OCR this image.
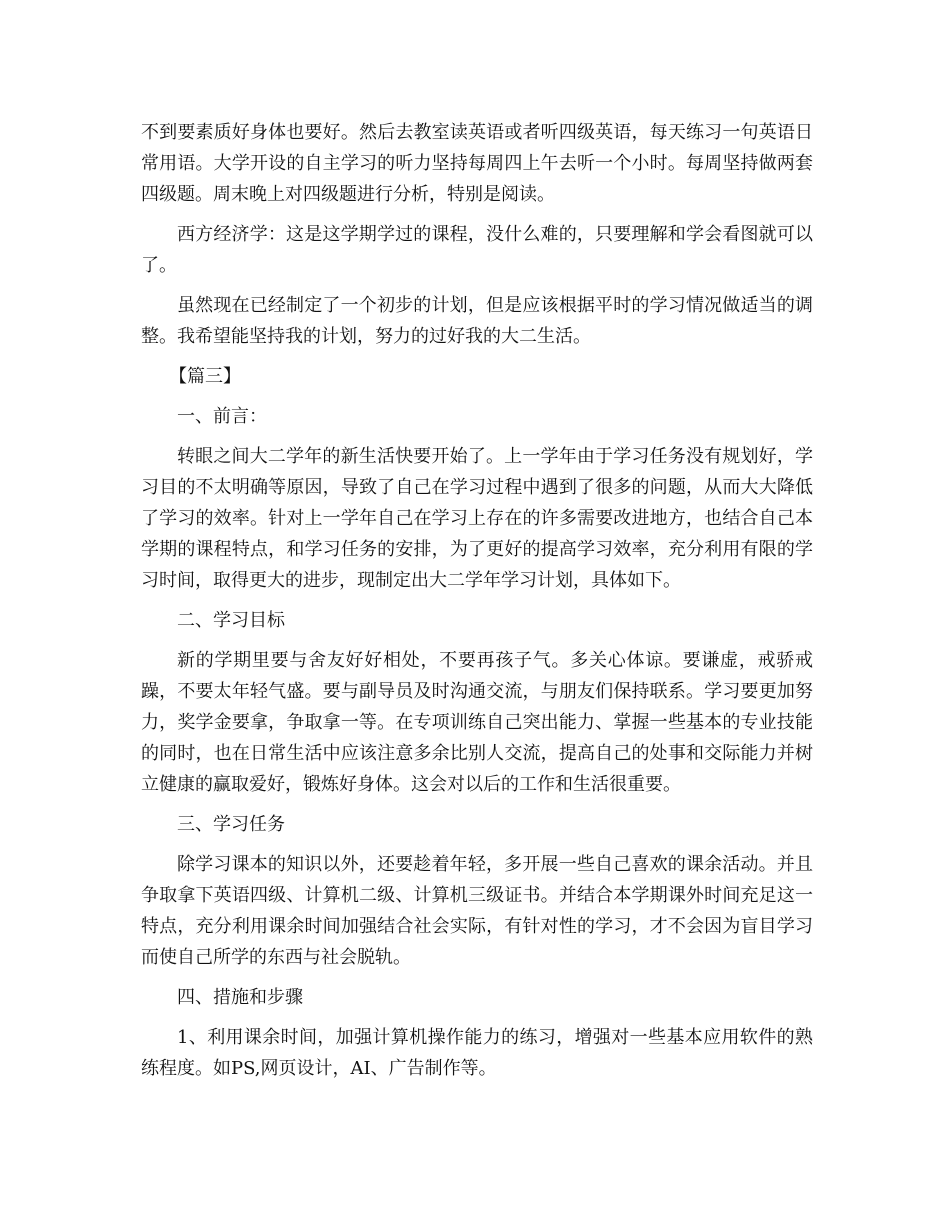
不到要素质好身体也要好。然后去教室读英语或者听四级英语，每天练习一句英语日常用语。大学开设的自主学习的听力坚持每周四上午去听一个小时。每周坚持做两套四级题。周末晚上对四级题进行分析，特别是阅读。

西方经济学：这是这学期学过的课程，没什么难的，只要理解和学会看图就可以了。

虽然现在已经制定了一个初步的计划，但是应该根据平时的学习情况做适当的调整。我希望能坚持我的计划，努力的过好我的大二生活。

【篇三】

一、前言：

转眼之间大二学年的新生活快要开始了。上一学年由于学习任务没有规划好，学习目的不太明确等原因，导致了自己在学习过程中遇到了很多的问题，从而大大降低了学习的效率。针对上一学年自己在学习上存在的许多需要改进地方，也结合自己本学期的课程特点，和学习任务的安排，为了更好的提高学习效率，充分利用有限的学习时间，取得更大的进步，现制定出大二学年学习计划，具体如下。

二、学习目标

新的学期里要与舍友好好相处，不要再孩子气。多关心体谅。要谦虚，戒骄戒躁，不要太年轻气盛。要与副导员及时沟通交流，与朋友们保持联系。学习要更加努力，奖学金要拿，争取拿一等。在专项训练自己突出能力、掌握一些基本的专业技能的同时，也在日常生活中应该注意多余比别人交流，提高自己的处事和交际能力并树立健康的赢取爱好，锻炼好身体。这会对以后的工作和生活很重要。

三、学习任务

除学习课本的知识以外，还要趁着年轻，多开展一些自己喜欢的课余活动。并且争取拿下英语四级、计算机二级、计算机三级证书。并结合本学期课外时间充足这一特点，充分利用课余时间加强结合社会实际，有针对性的学习，才不会因为盲目学习而使自己所学的东西与社会脱轨。

四、措施和步骤

1、利用课余时间，加强计算机操作能力的练习，增强对一些基本应用软件的熟练程度。如PS,网页设计，AI、广告制作等。
